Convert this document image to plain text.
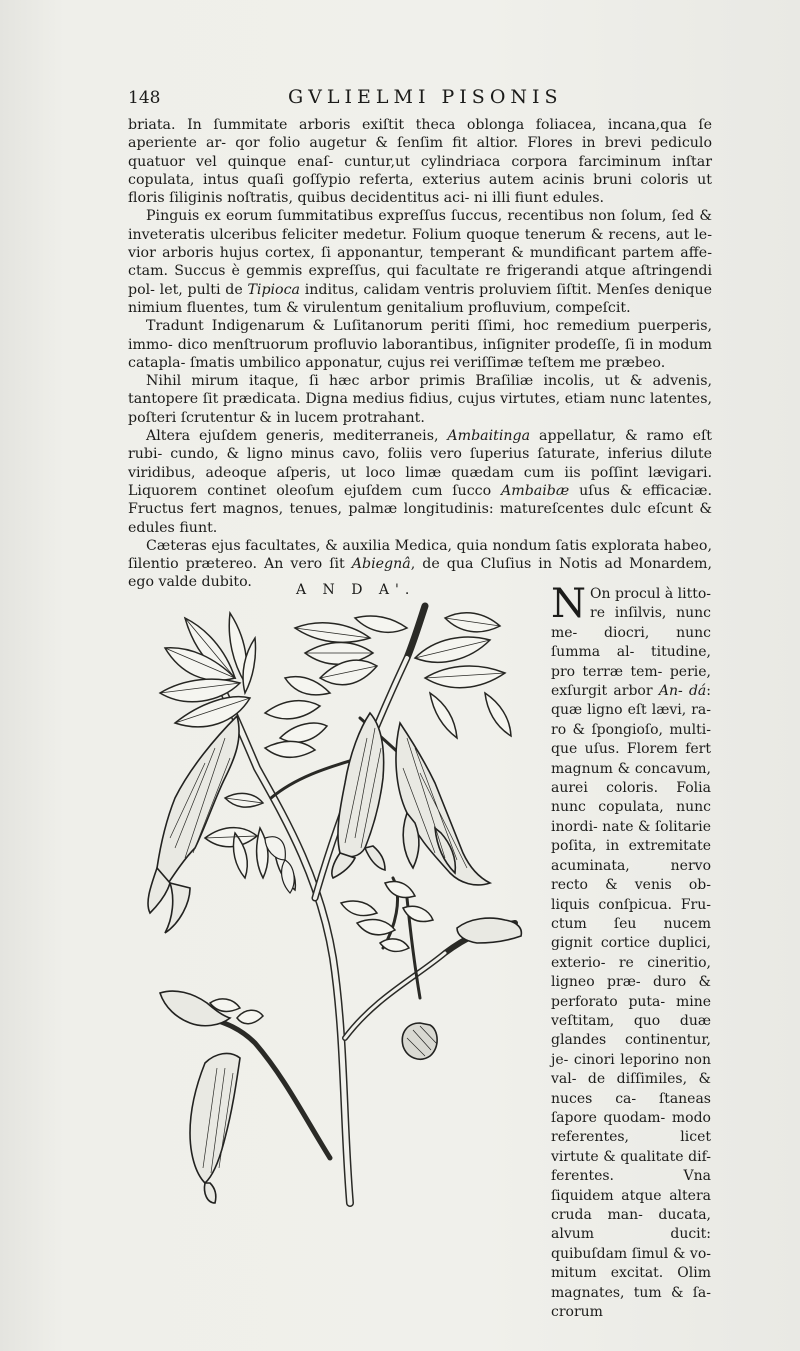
148	GVLIELMI PISONIS

briata. In ſummitate arboris exiſtit theca oblonga foliacea, incana,qua ſe aperiente ar- qor folio augetur & ſenſim fit altior. Flores in brevi pediculo quatuor vel quinque enaſ- cuntur,ut cylindriaca corpora farciminum inſtar copulata, intus quaſi goſſypio referta, exterius autem acinis bruni coloris ut floris ſiliginis noſtratis, quibus decidentitus aci- ni illi fiunt edules.

Pinguis ex eorum ſummitatibus expreſſus ſuccus, recentibus non ſolum, ſed & inveteratis ulceribus feliciter medetur. Folium quoque tenerum & recens, aut le- vior arboris hujus cortex, ſi apponantur, temperant & mundificant partem affe- ctam. Succus è gemmis expreſſus, qui facultate re frigerandi atque aſtringendi pol- let, pulti de Tipioca inditus, calidam ventris proluviem ſiſtit. Menſes denique nimium fluentes, tum & virulentum genitalium profluvium, compeſcit.

Tradunt Indigenarum & Luſitanorum periti ſſimi, hoc remedium puerperis, immo- dico menſtruorum profluvio laborantibus, inſigniter prodeſſe, ſi in modum catapla- ſmatis umbilico apponatur, cujus rei veriſſimæ teſtem me præbeo.

Nihil mirum itaque, ſi hæc arbor primis Braſiliæ incolis, ut & advenis, tantopere ſit prædicata. Digna medius fidius, cujus virtutes, etiam nunc latentes, poſteri ſcrutentur & in lucem protrahant.

Altera ejuſdem generis, mediterraneis, Ambaitinga appellatur, & ramo eſt rubi- cundo, & ligno minus cavo, foliis vero ſuperius ſaturate, inferius dilute viridibus, adeoque aſperis, ut loco limæ quædam cum iis poſſint lævigari. Liquorem continet oleoſum ejuſdem cum ſucco Ambaibæ uſus & efficaciæ. Fructus fert magnos, tenues, palmæ longitudinis: matureſcentes dulc eſcunt & edules fiunt.

Cæteras ejus facultates, & auxilia Medica, quia nondum ſatis explorata habeo, ſilentio prætereo. An vero ſit Abiegnâ, de qua Cluſius in Notis ad Monardem, ego valde dubito.	A N D A'.	N On procul à litto- re inſilvis, nunc me- diocri, nunc ſumma al- titudine, pro terræ tem- perie, exſurgit arbor An- dá: quæ ligno eſt lævi, ra- ro & ſpongioſo, multi- que uſus. Florem fert magnum & concavum, aurei coloris. Folia nunc copulata, nunc inordi- nate & ſolitarie poſita, in extremitate acuminata, nervo recto & venis ob- liquis conſpicua. Fru- ctum ſeu nucem gignit cortice duplici, exterio- re cineritio, ligneo præ- duro & perforato puta- mine veſtitam, quo duæ glandes continentur, je- cinori leporino non val- de diſſimiles, & nuces ca- ſtaneas ſapore quodam- modo referentes, licet virtute & qualitate dif- ferentes. Vna ſiquidem atque altera cruda man- ducata, alvum ducit: quibuſdam ſimul & vo- mitum excitat. Olim magnates, tum & ſa- crorum
